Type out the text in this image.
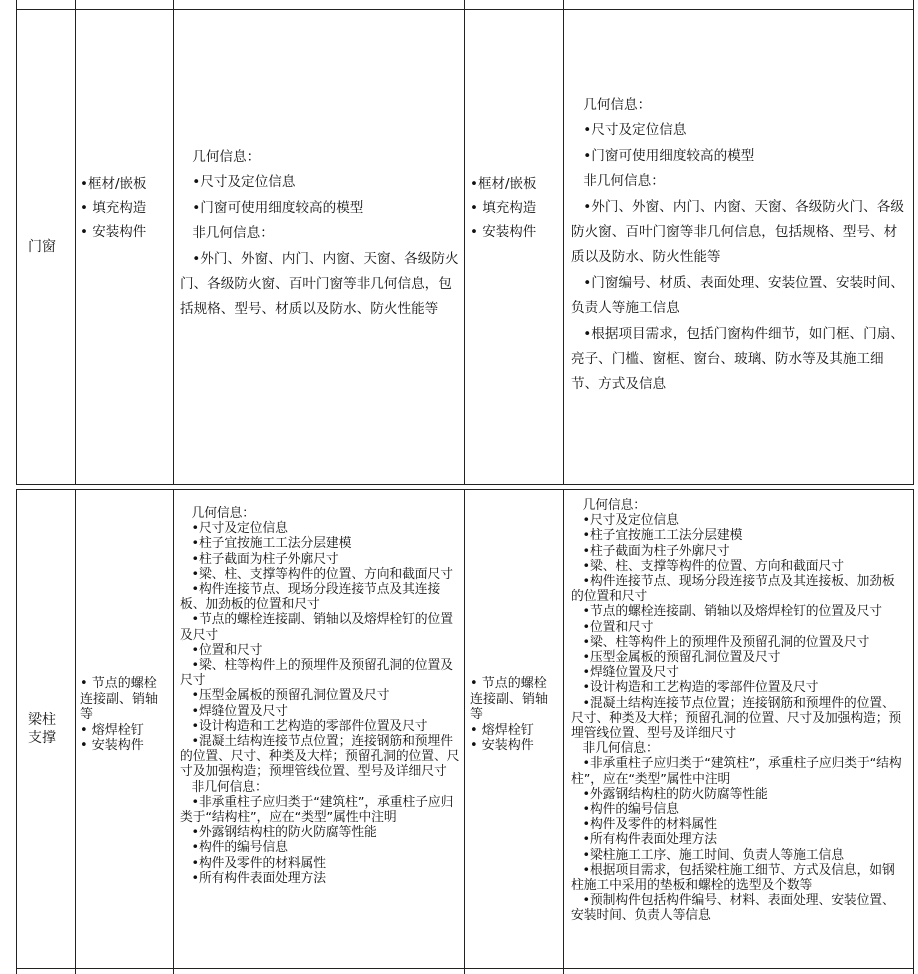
门窗

•框材/嵌板

• 填充构造

• 安装构件

几何信息：

•尺寸及定位信息

•门窗可使用细度较高的模型

非几何信息：

•外门、外窗、内门、内窗、天窗、各级防火门、各级防火窗、百叶门窗等非几何信息，包括规格、型号、材质以及防水、防火性能等

•框材/嵌板

• 填充构造

• 安装构件

几何信息：

•尺寸及定位信息

•门窗可使用细度较高的模型

非几何信息：

•外门、外窗、内门、内窗、天窗、各级防火门、各级防火窗、百叶门窗等非几何信息，包括规格、型号、材质以及防水、防火性能等

•门窗编号、材质、表面处理、安装位置、安装时间、负责人等施工信息

•根据项目需求，包括门窗构件细节，如门框、门扇、亮子、门槛、窗框、窗台、玻璃、防水等及其施工细节、方式及信息

梁柱支撑

• 节点的螺栓连接副、销轴等

• 熔焊栓钉

• 安装构件

几何信息：

•尺寸及定位信息

•柱子宜按施工工法分层建模

•柱子截面为柱子外廓尺寸

•梁、柱、支撑等构件的位置、方向和截面尺寸

•构件连接节点、现场分段连接节点及其连接板、加劲板的位置和尺寸

•节点的螺栓连接副、销轴以及熔焊栓钉的位置及尺寸

•位置和尺寸

•梁、柱等构件上的预埋件及预留孔洞的位置及尺寸

•压型金属板的预留孔洞位置及尺寸

•焊缝位置及尺寸

•设计构造和工艺构造的零部件位置及尺寸

•混凝土结构连接节点位置；连接钢筋和预埋件的位置、尺寸、种类及大样；预留孔洞的位置、尺寸及加强构造；预埋管线位置、型号及详细尺寸

非几何信息：

•非承重柱子应归类于“建筑柱”，承重柱子应归类于“结构柱”，应在“类型”属性中注明

•外露钢结构柱的防火防腐等性能

•构件的编号信息

•构件及零件的材料属性

•所有构件表面处理方法

• 节点的螺栓连接副、销轴等

• 熔焊栓钉

• 安装构件

几何信息：

•尺寸及定位信息

•柱子宜按施工工法分层建模

•柱子截面为柱子外廓尺寸

•梁、柱、支撑等构件的位置、方向和截面尺寸

•构件连接节点、现场分段连接节点及其连接板、加劲板的位置和尺寸

•节点的螺栓连接副、销轴以及熔焊栓钉的位置及尺寸

•位置和尺寸

•梁、柱等构件上的预埋件及预留孔洞的位置及尺寸

•压型金属板的预留孔洞位置及尺寸

•焊缝位置及尺寸

•设计构造和工艺构造的零部件位置及尺寸

•混凝土结构连接节点位置；连接钢筋和预埋件的位置、尺寸、种类及大样；预留孔洞的位置、尺寸及加强构造；预埋管线位置、型号及详细尺寸

非几何信息：

•非承重柱子应归类于“建筑柱”，承重柱子应归类于“结构柱”，应在“类型”属性中注明

•外露钢结构柱的防火防腐等性能

•构件的编号信息

•构件及零件的材料属性

•所有构件表面处理方法

•梁柱施工工序、施工时间、负责人等施工信息

•根据项目需求，包括梁柱施工细节、方式及信息，如钢柱施工中采用的垫板和螺栓的选型及个数等

•预制构件包括构件编号、材料、表面处理、安装位置、安装时间、负责人等信息
